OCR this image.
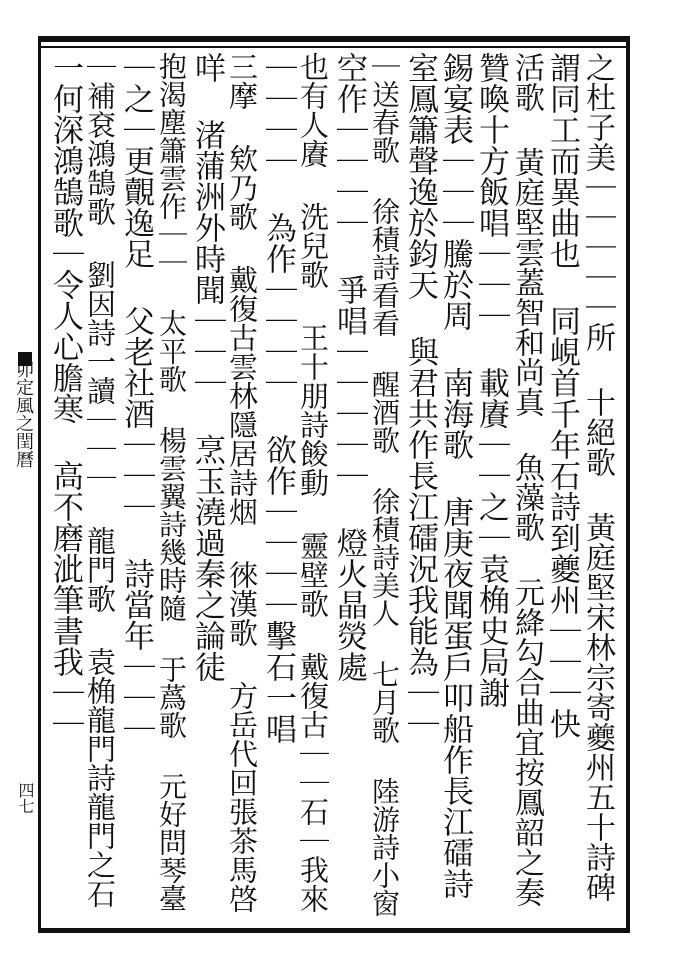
卯定風之閏曆
四七	之杜子美｜｜｜｜｜所 十絕歌 黃庭堅宋林宗寄夔州五十詩碑
謂同工而異曲也 同峴首千年石詩到夔州｜｜｜快
活歌 黃庭堅雲蓋智和尚真 魚藻歌 元絳勾合曲宜按鳳韶之奏
贊喚十方飯唱｜｜｜ 載賡｜｜之｜袁桷史局謝
錫宴表｜｜｜騰於周 南海歌 唐庚夜聞蛋戶叩船作長江礌詩
室鳳簫聲逸於鈞天 與君共作長江礌況我能為｜｜
｜送春歌 徐積詩看看 醒酒歌 徐積詩美人 七月歌 陸游詩小窗
空作｜｜｜｜ 爭唱｜｜｜｜｜ 燈火晶熒處
也有人賡 洗兒歌 王十朋詩餕動 靈壁歌 戴復古｜｜石｜我來
｜｜｜｜ 為作｜｜｜｜ 欲作｜｜｜｜擊石一唱
三摩 欸乃歌 戴復古雲林隱居詩烟 徠漢歌 方岳代回張茶馬啓
咩 渚蒲洲外時聞｜｜｜ 烹玉澆過秦之論徒
抱渴塵簫雲作｜｜ 太平歌 楊雲翼詩幾時隨 于蔿歌 元好問琴臺
｜之｜更覿逸足 父老社酒｜｜｜ 詩當年｜｜｜
｜補袞鴻鵠歌 劉因詩一讀｜｜｜ 龍門歌 袁桷龍門詩龍門之石
一何深鴻鵠歌｜令人心膽寒 高不磨泚筆書我｜｜
